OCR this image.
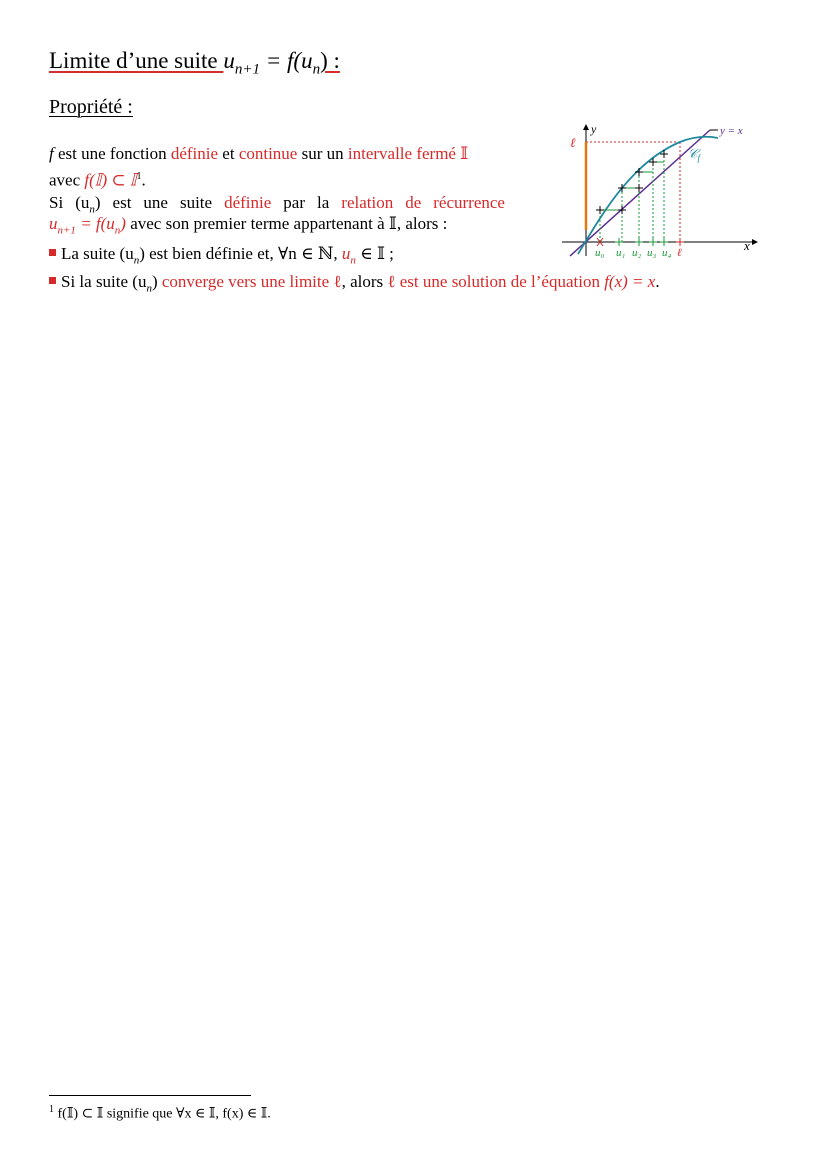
Limite d’une suite $u_{n+1} = f(u_n)$ :
Propriété :
f est une fonction définie et continue sur un intervalle fermé 𝕀
avec f(𝕀) ⊂ 𝕀$^1$.
Si $(u_n)$ est une suite définie par la relation de récurrence
$u_{n+1} = f(u_n)$ avec son premier terme appartenant à 𝕀, alors :
La suite $(u_n)$ est bien définie et, ∀n ∈ ℕ, $u_n$ ∈ 𝕀 ;
Si la suite $(u_n)$ converge vers une limite ℓ, alors ℓ est une solution de l’équation f(x) = x.
y
x
ℓ
y = x
𝒞$_f$
u₀ u₁ u₂ u₃ u₄ ℓ
$^1$ f(𝕀) ⊂ 𝕀 signifie que ∀x ∈ 𝕀, f(x) ∈ 𝕀.
